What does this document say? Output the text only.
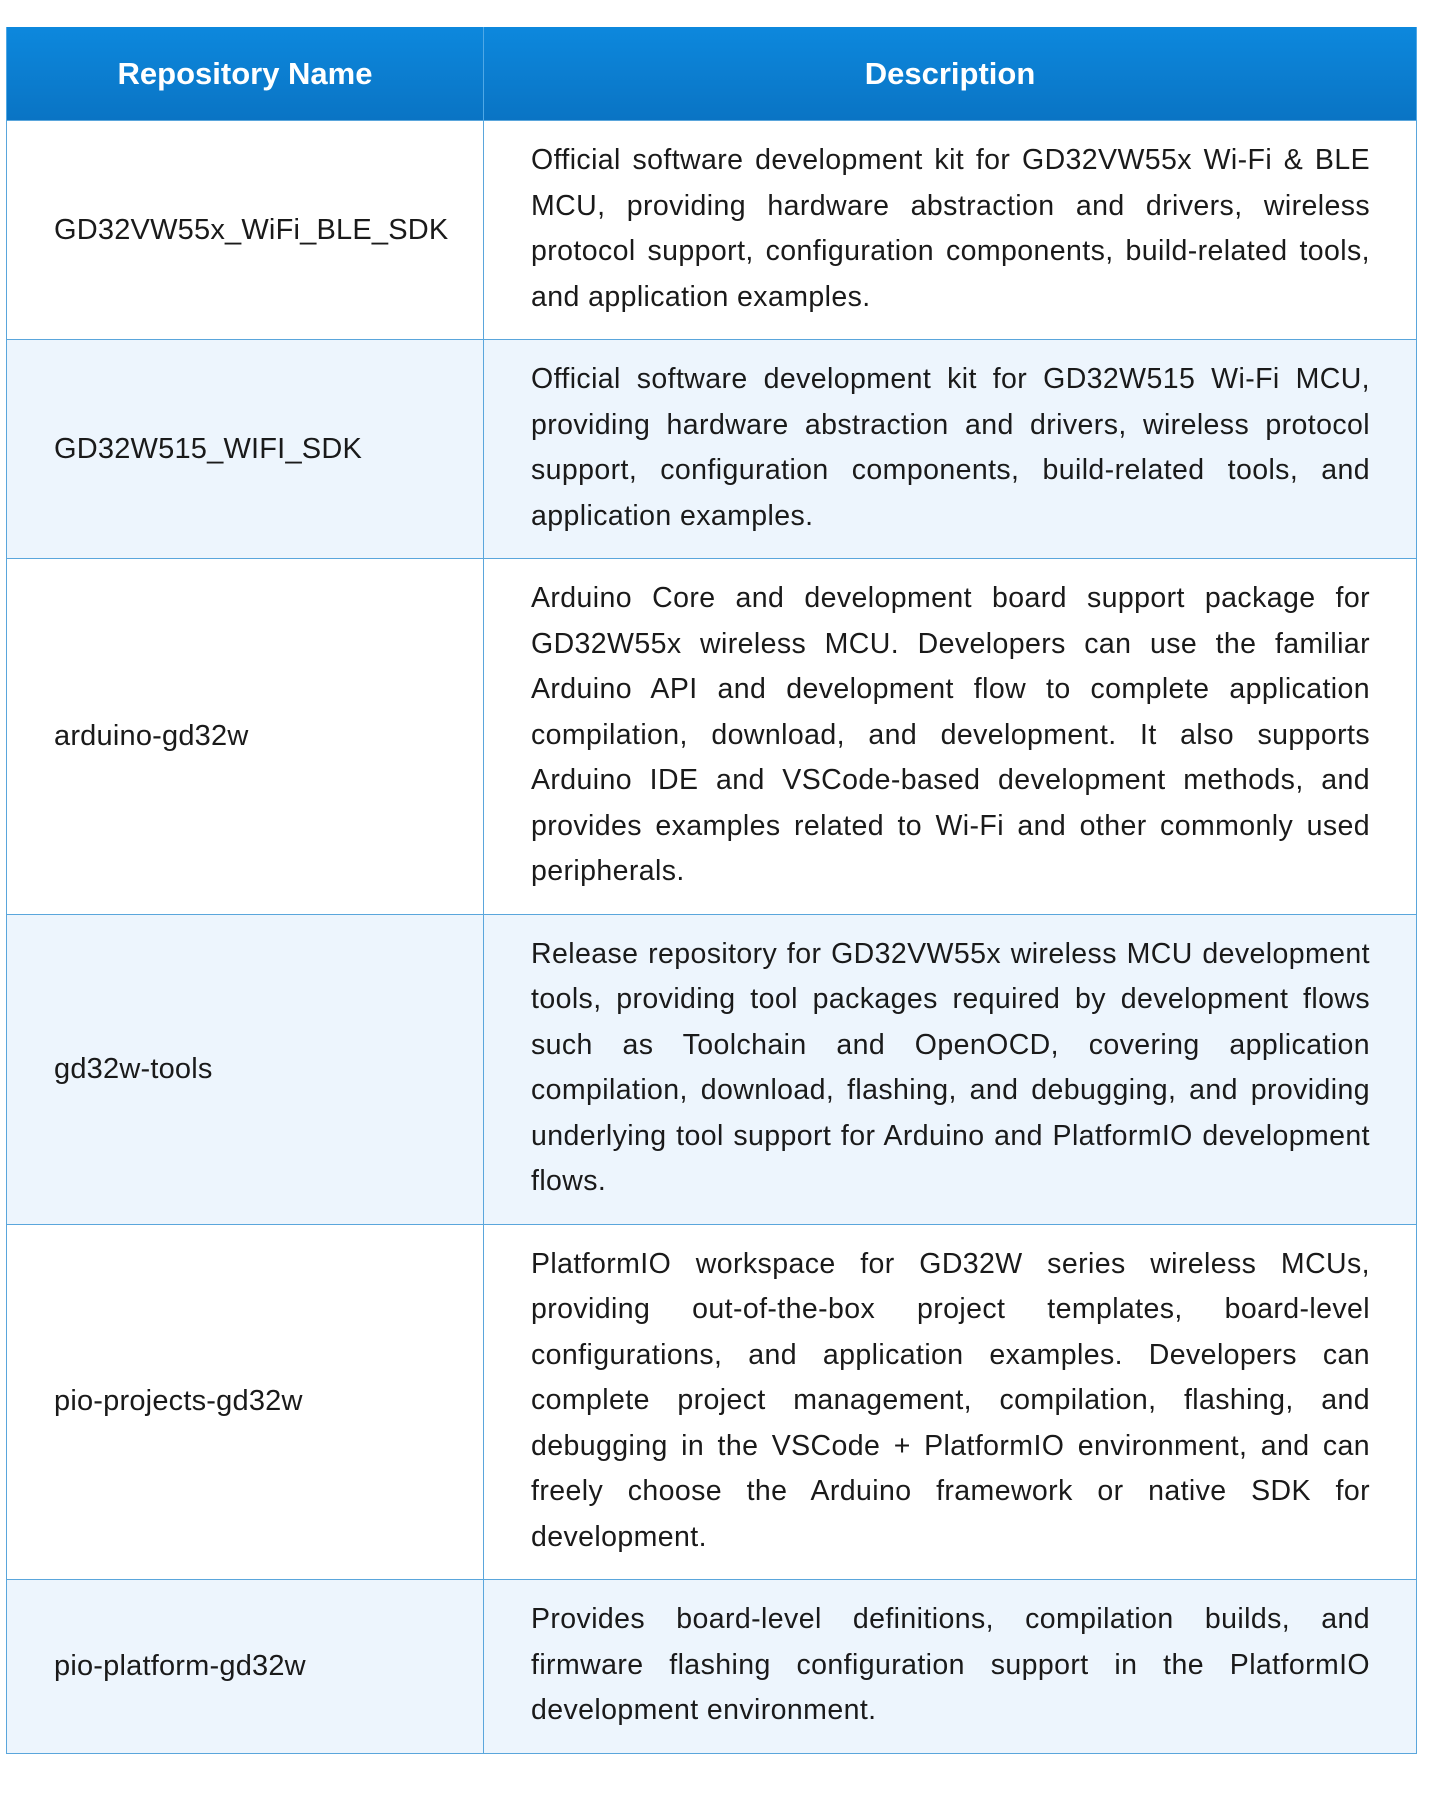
Repository Name	Description
GD32VW55x_WiFi_BLE_SDK	Official software development kit for GD32VW55x Wi-Fi & BLE MCU, providing hardware abstraction and drivers, wireless protocol support, configuration components, build-related tools, and application examples.
GD32W515_WIFI_SDK	Official software development kit for GD32W515 Wi-Fi MCU, providing hardware abstraction and drivers, wireless protocol support, configuration components, build-related tools, and application examples.
arduino-gd32w	Arduino Core and development board support package for GD32W55x wireless MCU. Developers can use the familiar Arduino API and development flow to complete application compilation, download, and development. It also supports Arduino IDE and VSCode-based development methods, and provides examples related to Wi-Fi and other commonly used peripherals.
gd32w-tools	Release repository for GD32VW55x wireless MCU development tools, providing tool packages required by development flows such as Toolchain and OpenOCD, covering application compilation, download, flashing, and debugging, and providing underlying tool support for Arduino and PlatformIO development flows.
pio-projects-gd32w	PlatformIO workspace for GD32W series wireless MCUs, providing out-of-the-box project templates, board-level configurations, and application examples. Developers can complete project management, compilation, flashing, and debugging in the VSCode + PlatformIO environment, and can freely choose the Arduino framework or native SDK for development.
pio-platform-gd32w	Provides board-level definitions, compilation builds, and firmware flashing configuration support in the PlatformIO development environment.
